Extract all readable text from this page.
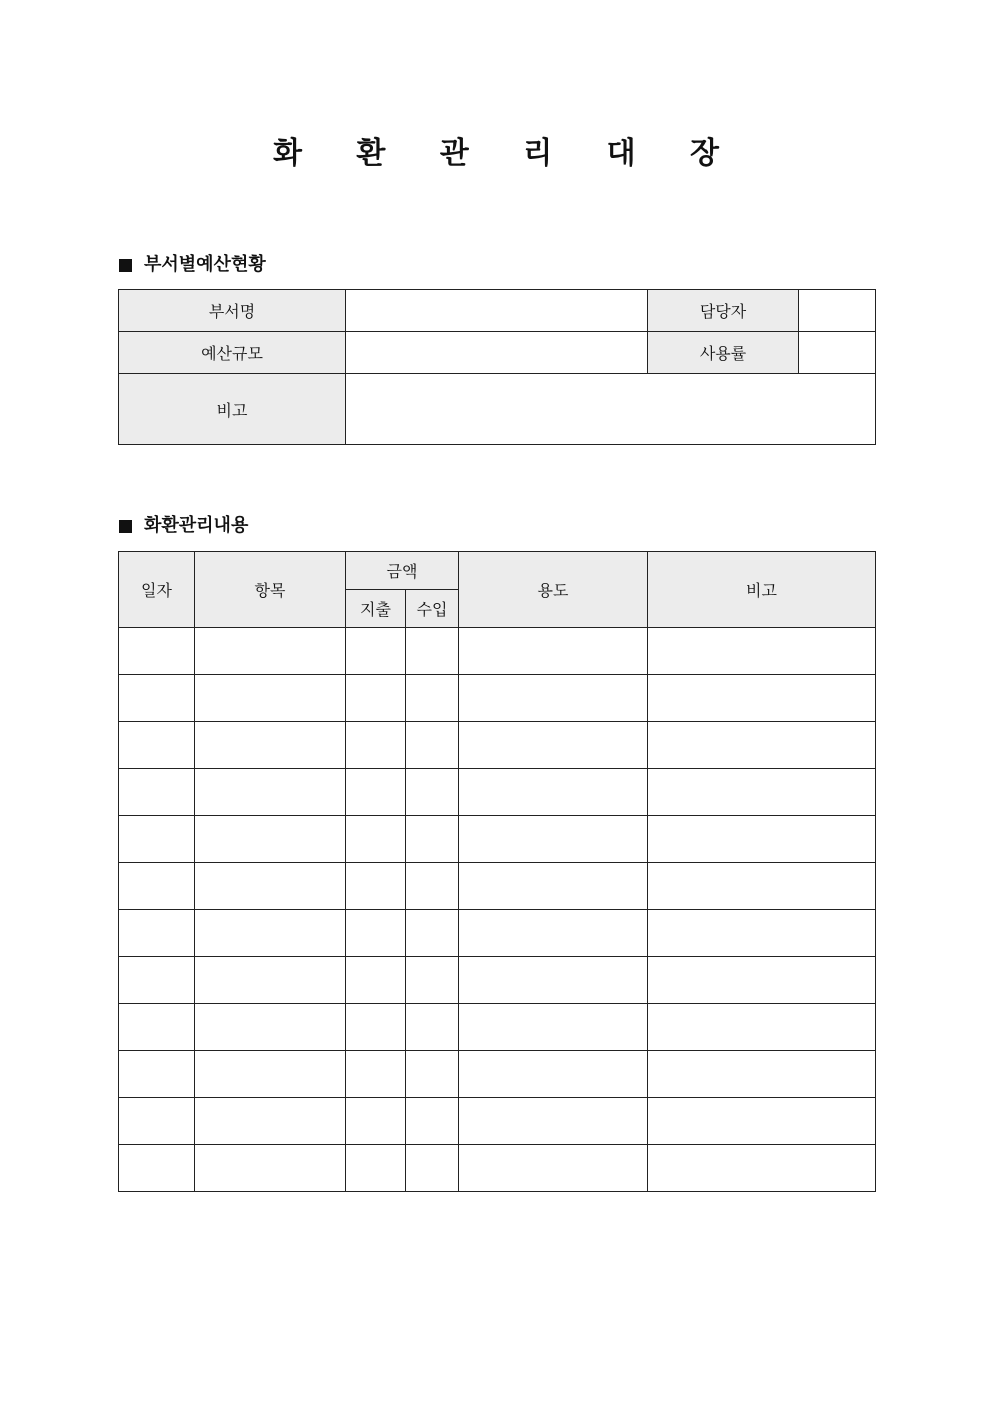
화 환 관 리 대 장
부서별예산현황
부서명		담당자	
예산규모		사용률	
비고			
화환관리내용
일자	항목	금액		용도	비고
		지출	수입		
